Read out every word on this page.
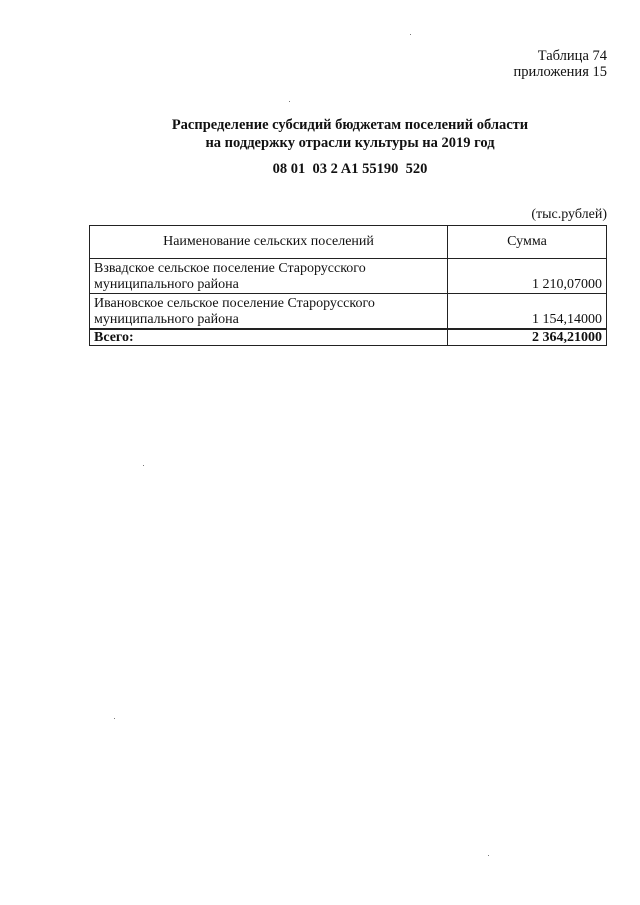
Таблица 74
приложения 15
Распределение субсидий бюджетам поселений области
на поддержку отрасли культуры на 2019 год
08 01  03 2 A1 55190  520
(тыс.рублей)
Наименование сельских поселений	Сумма

Взвадское сельское поселение Старорусского
муниципального района	1 210,07000

Ивановское сельское поселение Старорусского
муниципального района	1 154,14000
Всего:	2 364,21000
